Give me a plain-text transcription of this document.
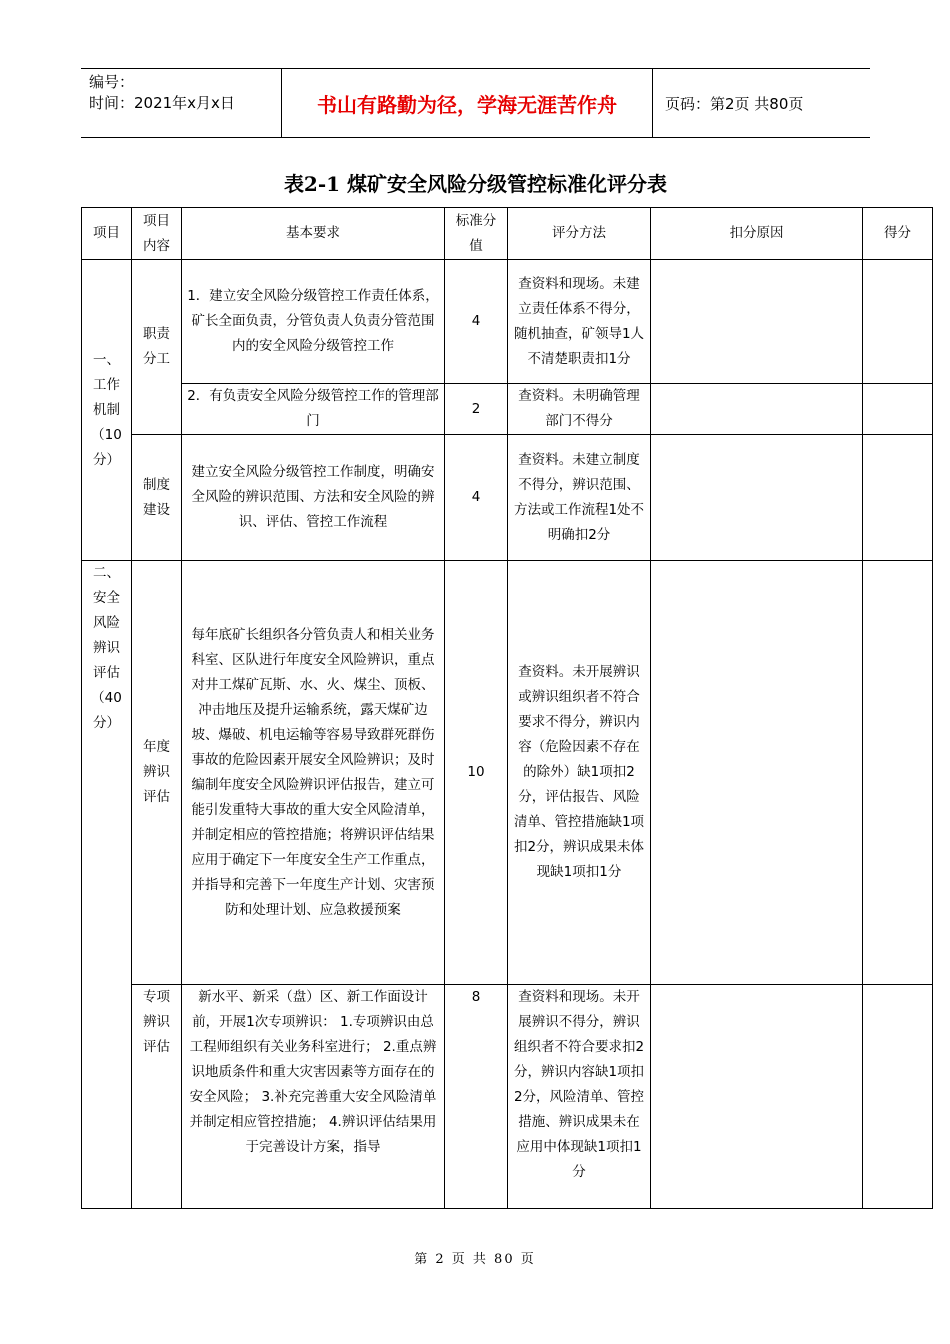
编号：
时间：2021年x月x日	书山有路勤为径，学海无涯苦作舟	页码：第2页 共80页
表2-1 煤矿安全风险分级管控标准化评分表
项目	项目内容	基本要求	标准分值	评分方法	扣分原因	得分
一、工作机制（10分）	职责分工	1．建立安全风险分级管控工作责任体系，矿长全面负责，分管负责人负责分管范围内的安全风险分级管控工作	4	查资料和现场。未建立责任体系不得分，随机抽查，矿领导1人不清楚职责扣1分		
		2．有负责安全风险分级管控工作的管理部门	2	查资料。未明确管理部门不得分		
	制度建设	建立安全风险分级管控工作制度，明确安全风险的辨识范围、方法和安全风险的辨识、评估、管控工作流程	4	查资料。未建立制度不得分，辨识范围、方法或工作流程1处不明确扣2分		
二、安全风险辨识评估（40分）	年度辨识评估	每年底矿长组织各分管负责人和相关业务科室、区队进行年度安全风险辨识，重点对井工煤矿瓦斯、水、火、煤尘、顶板、冲击地压及提升运输系统，露天煤矿边坡、爆破、机电运输等容易导致群死群伤事故的危险因素开展安全风险辨识；及时编制年度安全风险辨识评估报告，建立可能引发重特大事故的重大安全风险清单，并制定相应的管控措施；将辨识评估结果应用于确定下一年度安全生产工作重点，并指导和完善下一年度生产计划、灾害预防和处理计划、应急救援预案	10	查资料。未开展辨识或辨识组织者不符合要求不得分，辨识内容（危险因素不存在的除外）缺1项扣2分，评估报告、风险清单、管控措施缺1项扣2分，辨识成果未体现缺1项扣1分		
	专项辨识评估	新水平、新采（盘）区、新工作面设计前，开展1次专项辨识： 1.专项辨识由总工程师组织有关业务科室进行； 2.重点辨识地质条件和重大灾害因素等方面存在的安全风险； 3.补充完善重大安全风险清单并制定相应管控措施； 4.辨识评估结果用于完善设计方案，指导	8	查资料和现场。未开展辨识不得分，辨识组织者不符合要求扣2分，辨识内容缺1项扣2分，风险清单、管控措施、辨识成果未在应用中体现缺1项扣1分		
第 2 页 共 80 页
